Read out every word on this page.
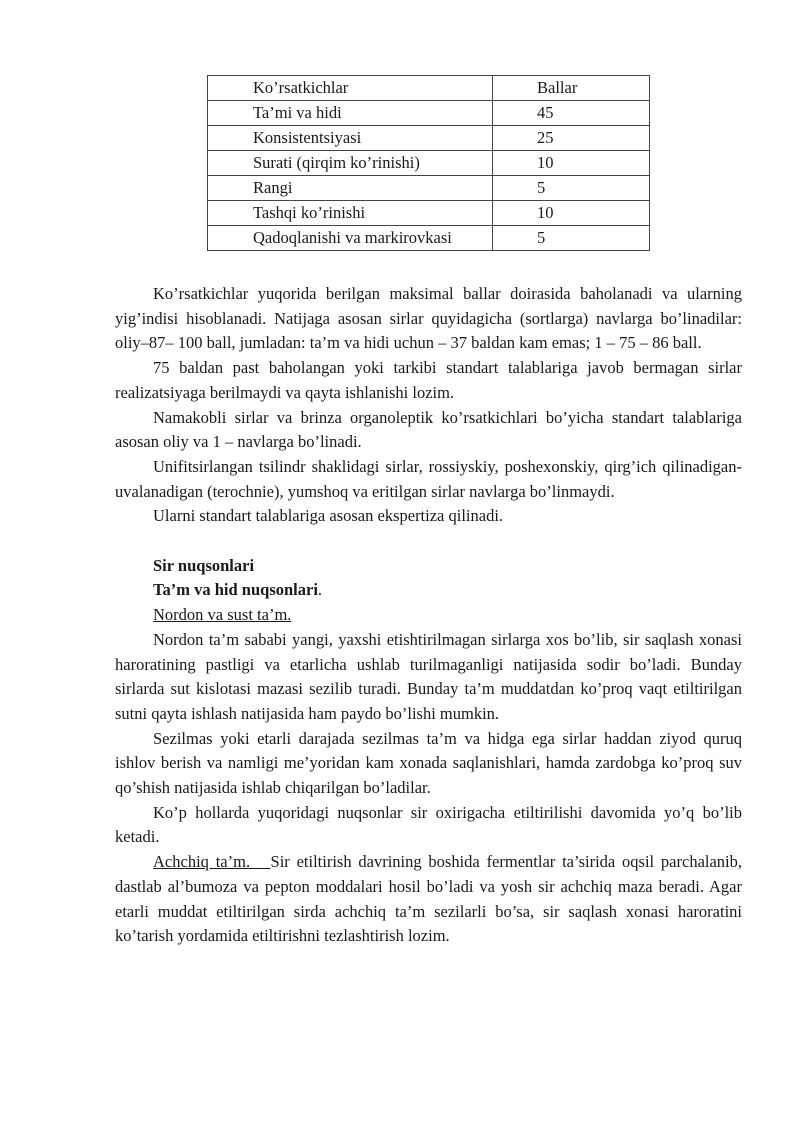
Ko’rsatkichlar	Ballar
Ta’mi va hidi	45
Konsistentsiyasi	25
Surati (qirqim ko’rinishi)	10
Rangi	5
Tashqi ko’rinishi	10
Qadoqlanishi va markirovkasi	5

Ko’rsatkichlar yuqorida berilgan maksimal ballar doirasida baholanadi va ularning yig’indisi hisoblanadi. Natijaga asosan sirlar quyidagicha (sortlarga) navlarga bo’linadilar: oliy–87– 100 ball, jumladan: ta’m va hidi uchun – 37 baldan kam emas; 1 – 75 – 86 ball.

75 baldan past baholangan yoki tarkibi standart talablariga javob bermagan sirlar realizatsiyaga berilmaydi va qayta ishlanishi lozim.

Namakobli sirlar va brinza organoleptik ko’rsatkichlari bo’yicha standart talablariga asosan oliy va 1 – navlarga bo’linadi.

Unifitsirlangan tsilindr shaklidagi sirlar, rossiyskiy, poshexonskiy, qirg’ich qilinadigan-uvalanadigan (terochnie), yumshoq va eritilgan sirlar navlarga bo’linmaydi.

Ularni standart talablariga asosan ekspertiza qilinadi.

Sir nuqsonlari

Ta’m va hid nuqsonlari.

Nordon va sust ta’m.

Nordon ta’m sababi yangi, yaxshi etishtirilmagan sirlarga xos bo’lib, sir saqlash xonasi haroratining pastligi va etarlicha ushlab turilmaganligi natijasida sodir bo’ladi. Bunday sirlarda sut kislotasi mazasi sezilib turadi. Bunday ta’m muddatdan ko’proq vaqt etiltirilgan sutni qayta ishlash natijasida ham paydo bo’lishi mumkin.

Sezilmas yoki etarli darajada sezilmas ta’m va hidga ega sirlar haddan ziyod quruq ishlov berish va namligi me’yoridan kam xonada saqlanishlari, hamda zardobga ko’proq suv qo’shish natijasida ishlab chiqarilgan bo’ladilar.

Ko’p hollarda yuqoridagi nuqsonlar sir oxirigacha etiltirilishi davomida yo’q bo’lib ketadi.

Achchiq ta’m. Sir etiltirish davrining boshida fermentlar ta’sirida oqsil parchalanib, dastlab al’bumoza va pepton moddalari hosil bo’ladi va yosh sir achchiq maza beradi. Agar etarli muddat etiltirilgan sirda achchiq ta’m sezilarli bo’sa, sir saqlash xonasi haroratini ko’tarish yordamida etiltirishni tezlashtirish lozim.
